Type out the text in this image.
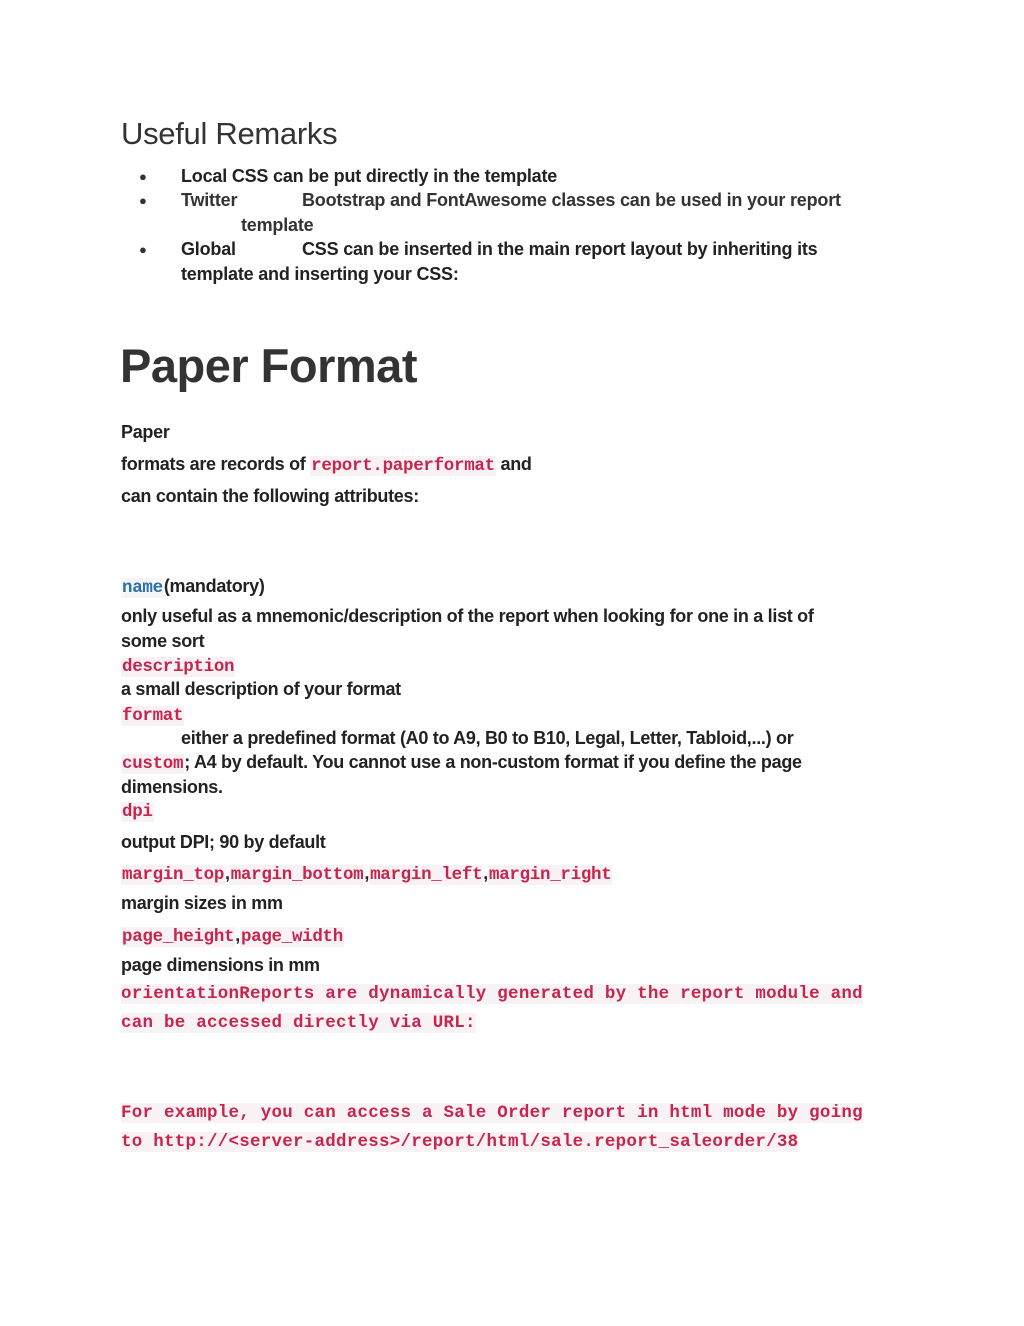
Useful Remarks
● Local CSS can be put directly in the template
● Twitter	Bootstrap and FontAwesome classes can be used in your report
template
● Global	CSS can be inserted in the main report layout by inheriting its
template and inserting your CSS:
Paper Format
Paper
formats are records of report.paperformat and
can contain the following attributes:
name(mandatory)
only useful as a mnemonic/description of the report when looking for one in a list of
some sort
description
a small description of your format
format
either a predefined format (A0 to A9, B0 to B10, Legal, Letter, Tabloid,...) or
custom; A4 by default. You cannot use a non-custom format if you define the page
dimensions.
dpi
output DPI; 90 by default
margin_top,margin_bottom,margin_left,margin_right
margin sizes in mm
page_height,page_width
page dimensions in mm
orientationReports are dynamically generated by the report module and
can be accessed directly via URL:
For example, you can access a Sale Order report in html mode by going
to http://<server-address>/report/html/sale.report_saleorder/38
